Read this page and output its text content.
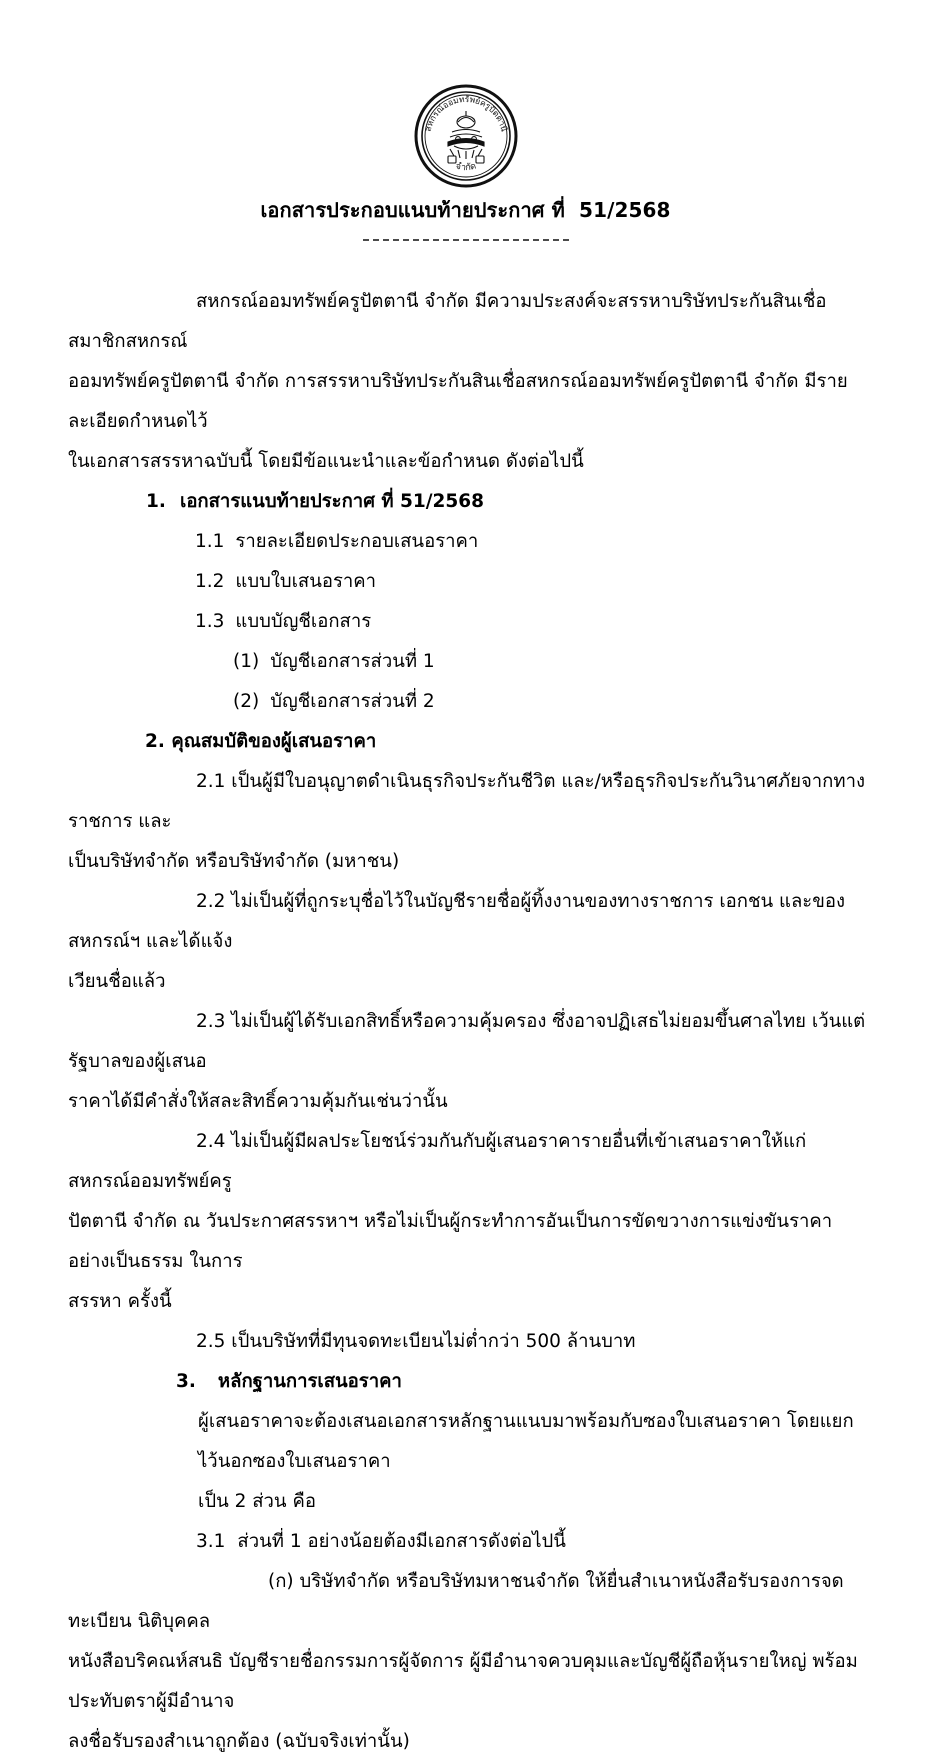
สหกรณ์ออมทรัพย์ครูปัตตานี
จำกัด
เอกสารประกอบแนบท้ายประกาศ ที่  51/2568

สหกรณ์ออมทรัพย์ครูปัตตานี จำกัด มีความประสงค์จะสรรหาบริษัทประกันสินเชื่อสมาชิกสหกรณ์

ออมทรัพย์ครูปัตตานี จำกัด การสรรหาบริษัทประกันสินเชื่อสหกรณ์ออมทรัพย์ครูปัตตานี จำกัด มีรายละเอียดกำหนดไว้

ในเอกสารสรรหาฉบับนี้ โดยมีข้อแนะนำและข้อกำหนด ดังต่อไปนี้

1. เอกสารแนบท้ายประกาศ ที่ 51/2568
1.1 รายละเอียดประกอบเสนอราคา
1.2 แบบใบเสนอราคา
1.3 แบบบัญชีเอกสาร
(1) บัญชีเอกสารส่วนที่ 1
(2) บัญชีเอกสารส่วนที่ 2

2. คุณสมบัติของผู้เสนอราคา

2.1 เป็นผู้มีใบอนุญาตดำเนินธุรกิจประกันชีวิต และ/หรือธุรกิจประกันวินาศภัยจากทางราชการ และ

เป็นบริษัทจำกัด หรือบริษัทจำกัด (มหาชน)

2.2 ไม่เป็นผู้ที่ถูกระบุชื่อไว้ในบัญชีรายชื่อผู้ทิ้งงานของทางราชการ เอกชน และของสหกรณ์ฯ และได้แจ้ง

เวียนชื่อแล้ว

2.3 ไม่เป็นผู้ได้รับเอกสิทธิ์หรือความคุ้มครอง ซึ่งอาจปฏิเสธไม่ยอมขึ้นศาลไทย เว้นแต่รัฐบาลของผู้เสนอ

ราคาได้มีคำสั่งให้สละสิทธิ์ความคุ้มกันเช่นว่านั้น

2.4 ไม่เป็นผู้มีผลประโยชน์ร่วมกันกับผู้เสนอราคารายอื่นที่เข้าเสนอราคาให้แก่ สหกรณ์ออมทรัพย์ครู

ปัตตานี จำกัด ณ วันประกาศสรรหาฯ หรือไม่เป็นผู้กระทำการอันเป็นการขัดขวางการแข่งขันราคาอย่างเป็นธรรม ในการ

สรรหา ครั้งนี้

2.5 เป็นบริษัทที่มีทุนจดทะเบียนไม่ต่ำกว่า 500 ล้านบาท

3. หลักฐานการเสนอราคา

ผู้เสนอราคาจะต้องเสนอเอกสารหลักฐานแนบมาพร้อมกับซองใบเสนอราคา โดยแยกไว้นอกซองใบเสนอราคา

เป็น 2 ส่วน คือ

3.1 ส่วนที่ 1 อย่างน้อยต้องมีเอกสารดังต่อไปนี้

(ก) บริษัทจำกัด หรือบริษัทมหาชนจำกัด ให้ยื่นสำเนาหนังสือรับรองการจดทะเบียน นิติบุคคล

หนังสือบริคณห์สนธิ บัญชีรายชื่อกรรมการผู้จัดการ ผู้มีอำนาจควบคุมและบัญชีผู้ถือหุ้นรายใหญ่ พร้อมประทับตราผู้มีอำนาจ

ลงชื่อรับรองสำเนาถูกต้อง (ฉบับจริงเท่านั้น)
